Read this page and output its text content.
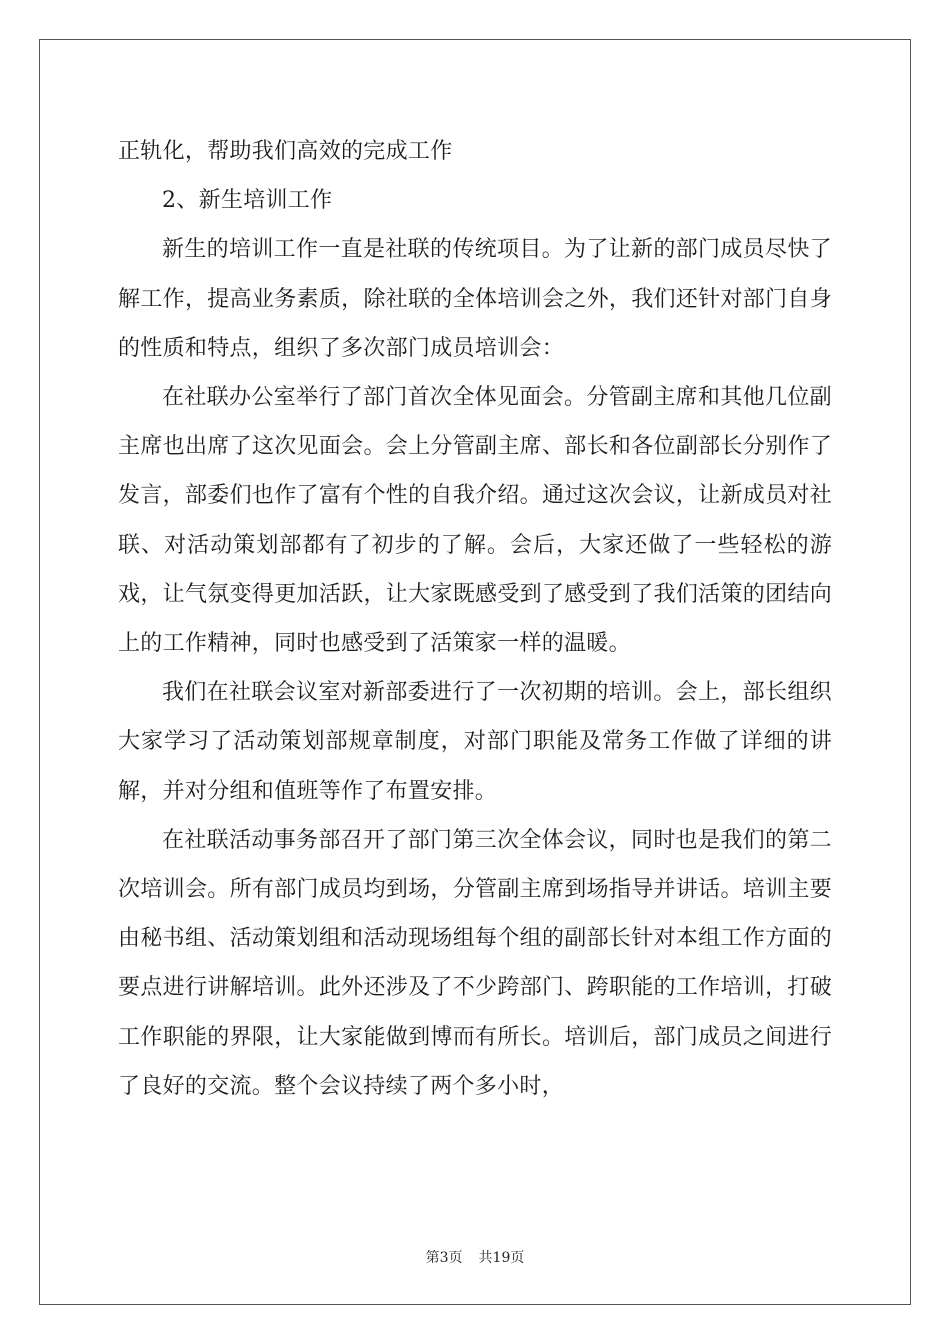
正轨化，帮助我们高效的完成工作

2、新生培训工作

新生的培训工作一直是社联的传统项目。为了让新的部门成员尽快了解工作，提高业务素质，除社联的全体培训会之外，我们还针对部门自身的性质和特点，组织了多次部门成员培训会：

在社联办公室举行了部门首次全体见面会。分管副主席和其他几位副主席也出席了这次见面会。会上分管副主席、部长和各位副部长分别作了发言，部委们也作了富有个性的自我介绍。通过这次会议，让新成员对社联、对活动策划部都有了初步的了解。会后，大家还做了一些轻松的游戏，让气氛变得更加活跃，让大家既感受到了感受到了我们活策的团结向上的工作精神，同时也感受到了活策家一样的温暖。

我们在社联会议室对新部委进行了一次初期的培训。会上，部长组织大家学习了活动策划部规章制度，对部门职能及常务工作做了详细的讲解，并对分组和值班等作了布置安排。

在社联活动事务部召开了部门第三次全体会议，同时也是我们的第二次培训会。所有部门成员均到场，分管副主席到场指导并讲话。培训主要由秘书组、活动策划组和活动现场组每个组的副部长针对本组工作方面的要点进行讲解培训。此外还涉及了不少跨部门、跨职能的工作培训，打破工作职能的界限，让大家能做到博而有所长。培训后，部门成员之间进行了良好的交流。整个会议持续了两个多小时，

第3页 共19页
